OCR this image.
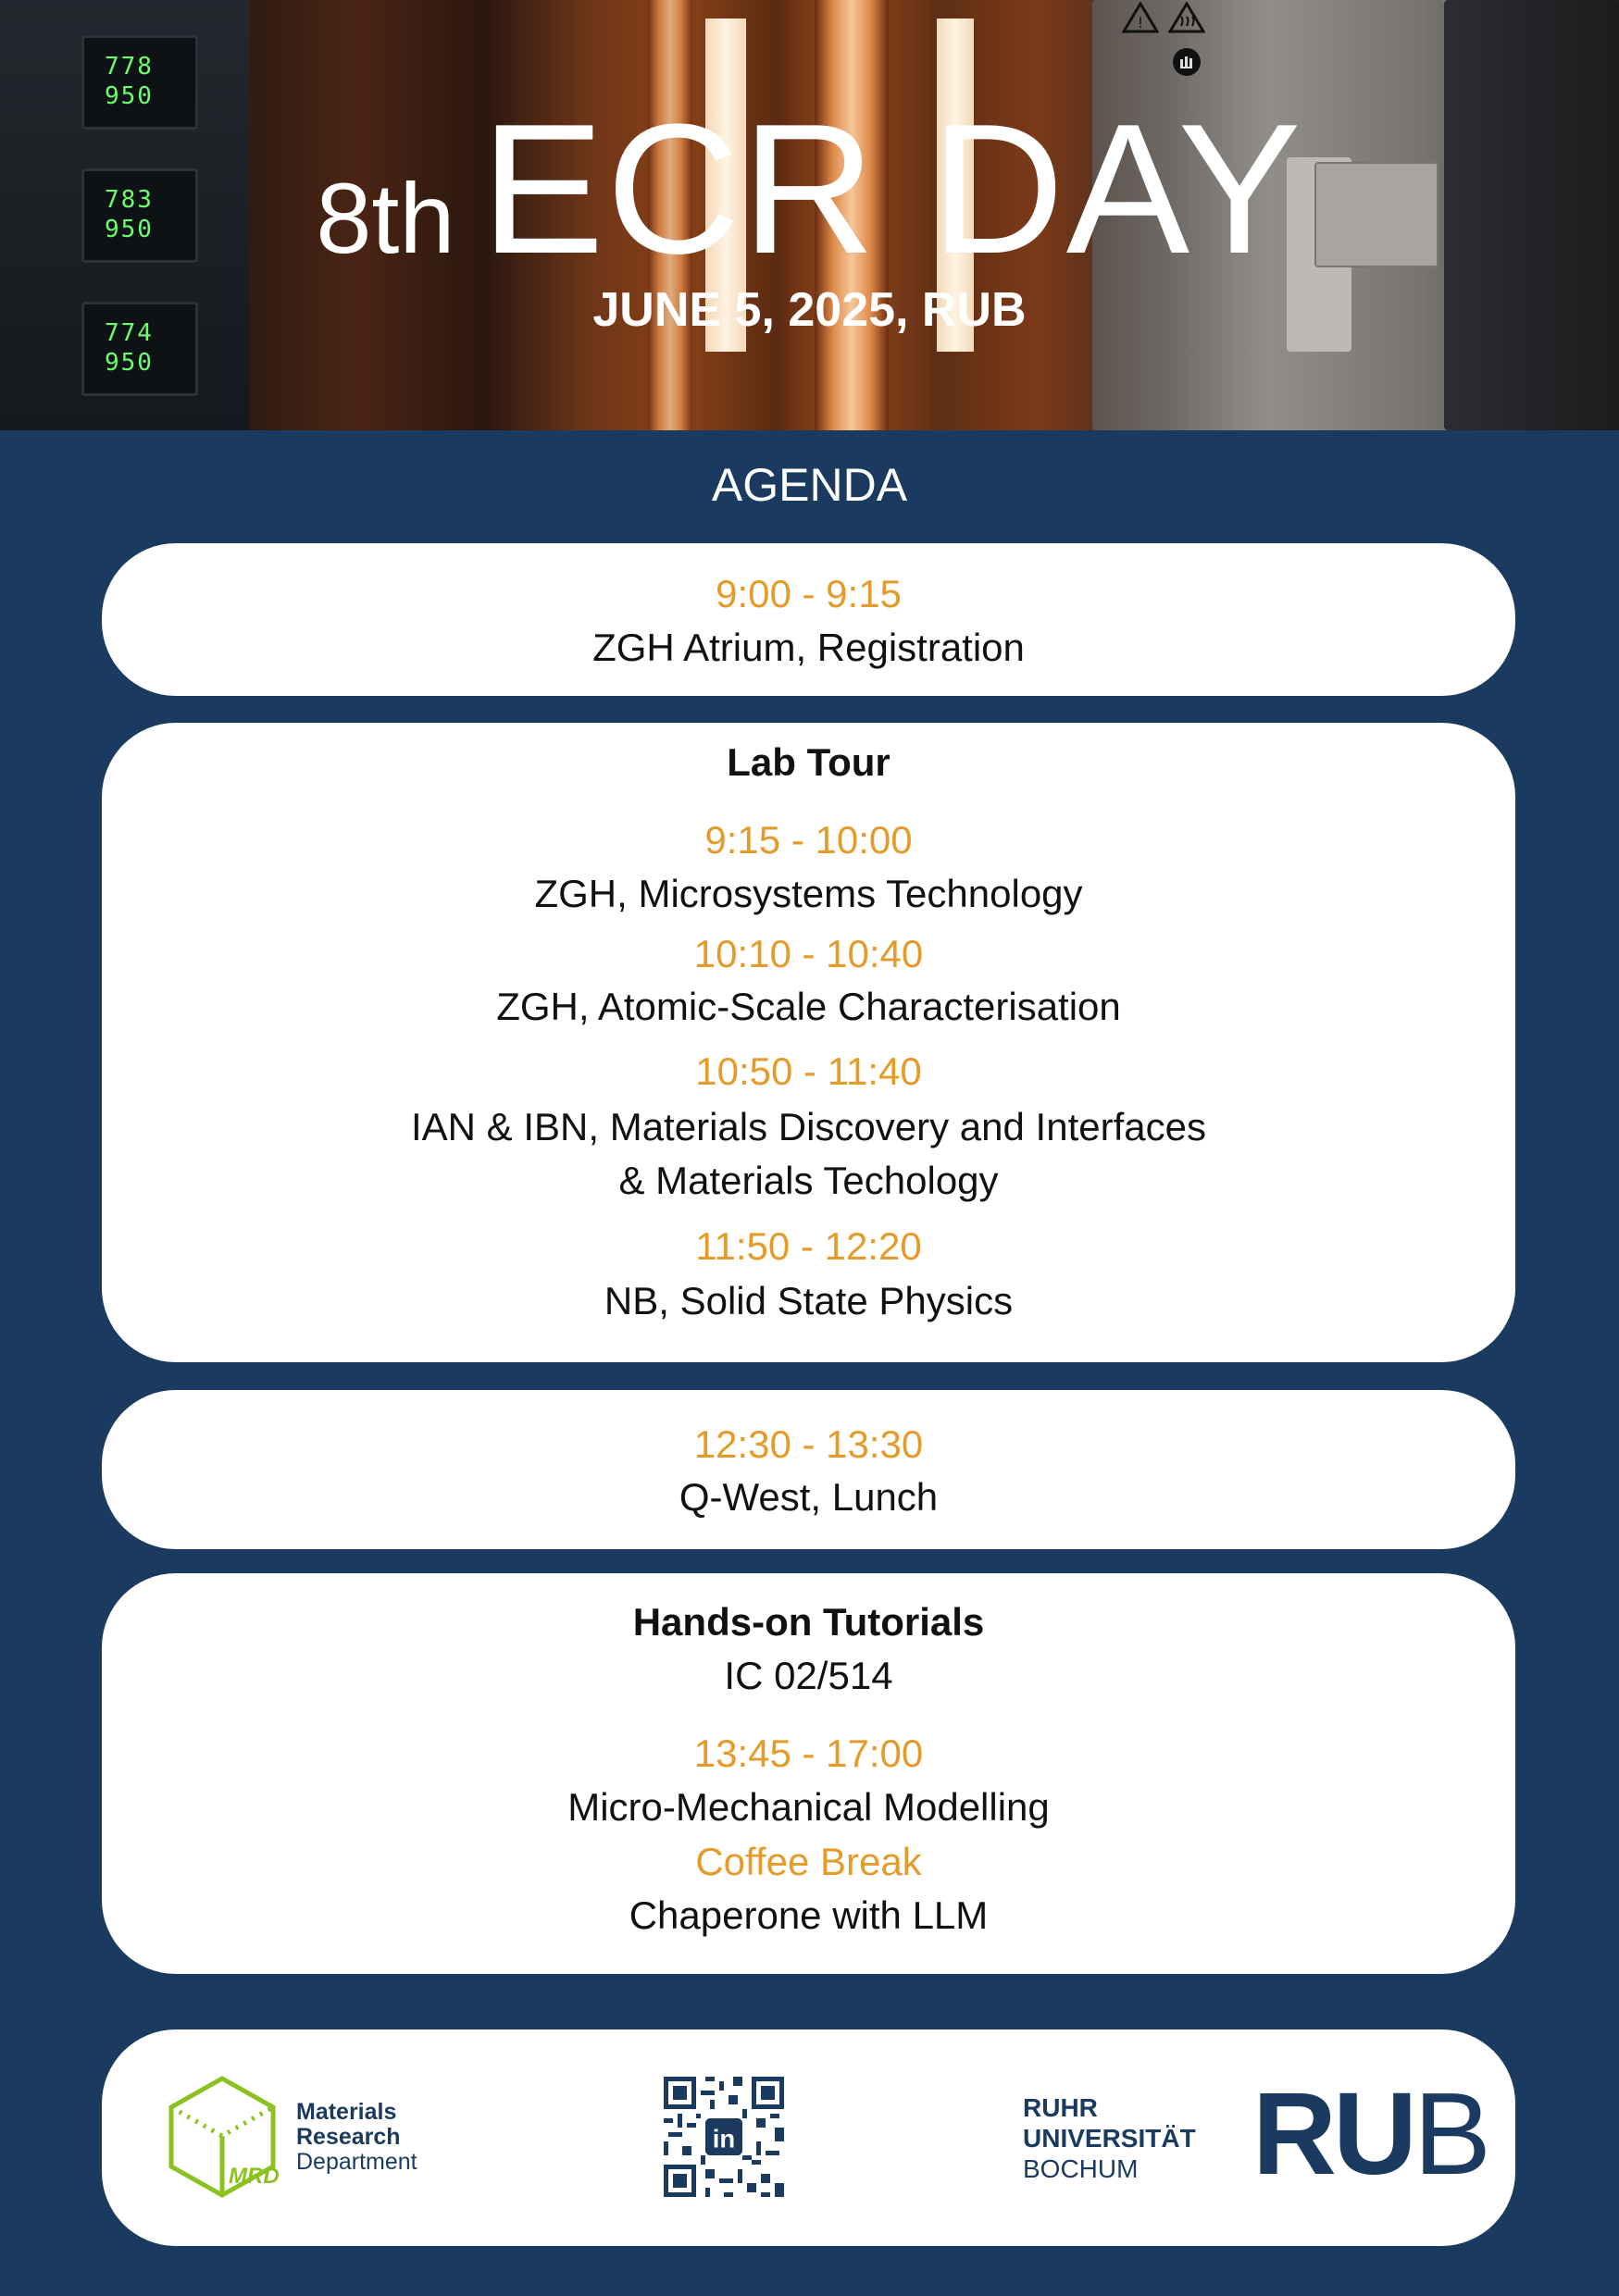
!
778
950
783
950
774
950
8th ECR DAY
JUNE 5, 2025, RUB
AGENDA
9:00 - 9:15
ZGH Atrium, Registration
Lab Tour
9:15 - 10:00
ZGH, Microsystems Technology
10:10 - 10:40
ZGH, Atomic-Scale Characterisation
10:50 - 11:40
IAN & IBN, Materials Discovery and Interfaces
& Materials Techology
11:50 - 12:20
NB, Solid State Physics
12:30 - 13:30
Q-West, Lunch
Hands-on Tutorials
IC 02/514
13:45 - 17:00
Micro-Mechanical Modelling
Coffee Break
Chaperone with LLM
MRD
Materials
Research
Department
in
RUHR
UNIVERSITÄT
BOCHUM RUB
